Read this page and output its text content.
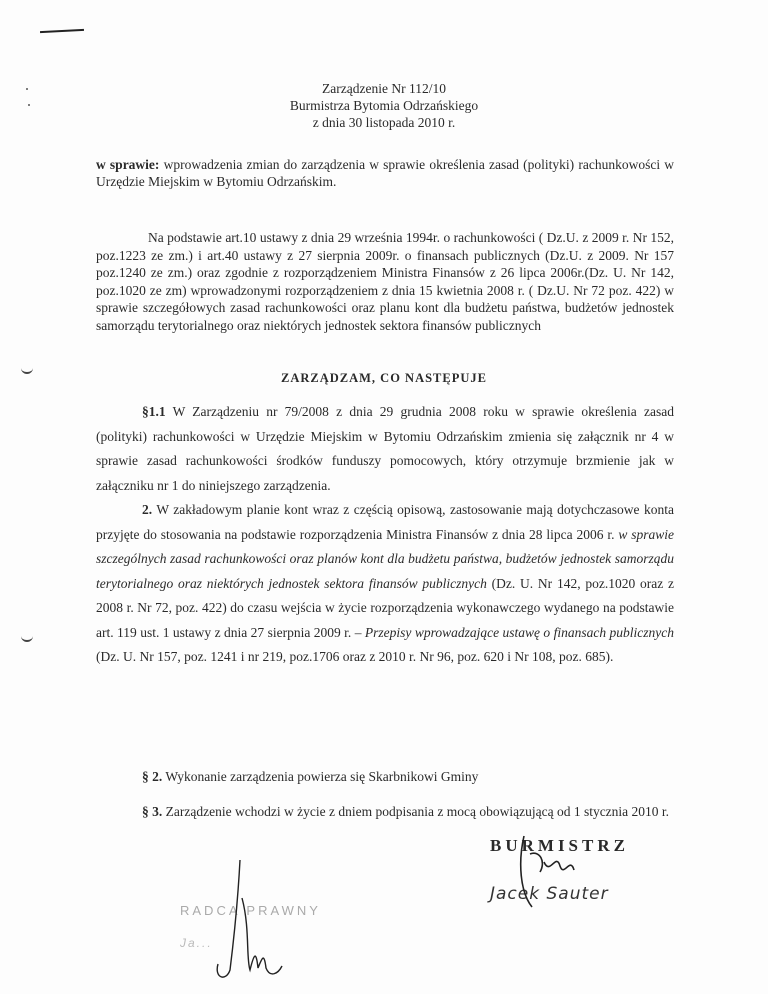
Zarządzenie Nr 112/10
Burmistrza Bytomia Odrzańskiego
z dnia 30 listopada 2010 r.
w sprawie: wprowadzenia zmian do zarządzenia w sprawie określenia zasad (polityki) rachunkowości w Urzędzie Miejskim w Bytomiu Odrzańskim.
Na podstawie art.10 ustawy z dnia 29 września 1994r. o rachunkowości ( Dz.U. z 2009 r. Nr 152, poz.1223 ze zm.) i art.40 ustawy z 27 sierpnia 2009r. o finansach publicznych (Dz.U. z 2009. Nr 157 poz.1240 ze zm.) oraz zgodnie z rozporządzeniem Ministra Finansów z 26 lipca 2006r.(Dz. U. Nr 142, poz.1020 ze zm) wprowadzonymi rozporządzeniem z dnia 15 kwietnia 2008 r. ( Dz.U. Nr 72 poz. 422) w sprawie szczegółowych zasad rachunkowości oraz planu kont dla budżetu państwa, budżetów jednostek samorządu terytorialnego oraz niektórych jednostek sektora finansów publicznych
ZARZĄDZAM, CO NASTĘPUJE

§1.1 W Zarządzeniu nr 79/2008 z dnia 29 grudnia 2008 roku w sprawie określenia zasad (polityki) rachunkowości w Urzędzie Miejskim w Bytomiu Odrzańskim zmienia się załącznik nr 4 w sprawie zasad rachunkowości środków funduszy pomocowych, który otrzymuje brzmienie jak w załączniku nr 1 do niniejszego zarządzenia.

2. W zakładowym planie kont wraz z częścią opisową, zastosowanie mają dotychczasowe konta przyjęte do stosowania na podstawie rozporządzenia Ministra Finansów z dnia 28 lipca 2006 r. w sprawie szczególnych zasad rachunkowości oraz planów kont dla budżetu państwa, budżetów jednostek samorządu terytorialnego oraz niektórych jednostek sektora finansów publicznych (Dz. U. Nr 142, poz.1020 oraz z 2008 r. Nr 72, poz. 422) do czasu wejścia w życie rozporządzenia wykonawczego wydanego na podstawie art. 119 ust. 1 ustawy z dnia 27 sierpnia 2009 r. – Przepisy wprowadzające ustawę o finansach publicznych (Dz. U. Nr 157, poz. 1241 i nr 219, poz.1706 oraz z 2010 r. Nr 96, poz. 620 i Nr 108, poz. 685).

§ 2. Wykonanie zarządzenia powierza się Skarbnikowi Gminy
§ 3. Zarządzenie wchodzi w życie z dniem podpisania z mocą obowiązującą od 1 stycznia 2010 r.
BURMISTRZ
Jacek Sauter
RADCA PRAWNY
Ja...
